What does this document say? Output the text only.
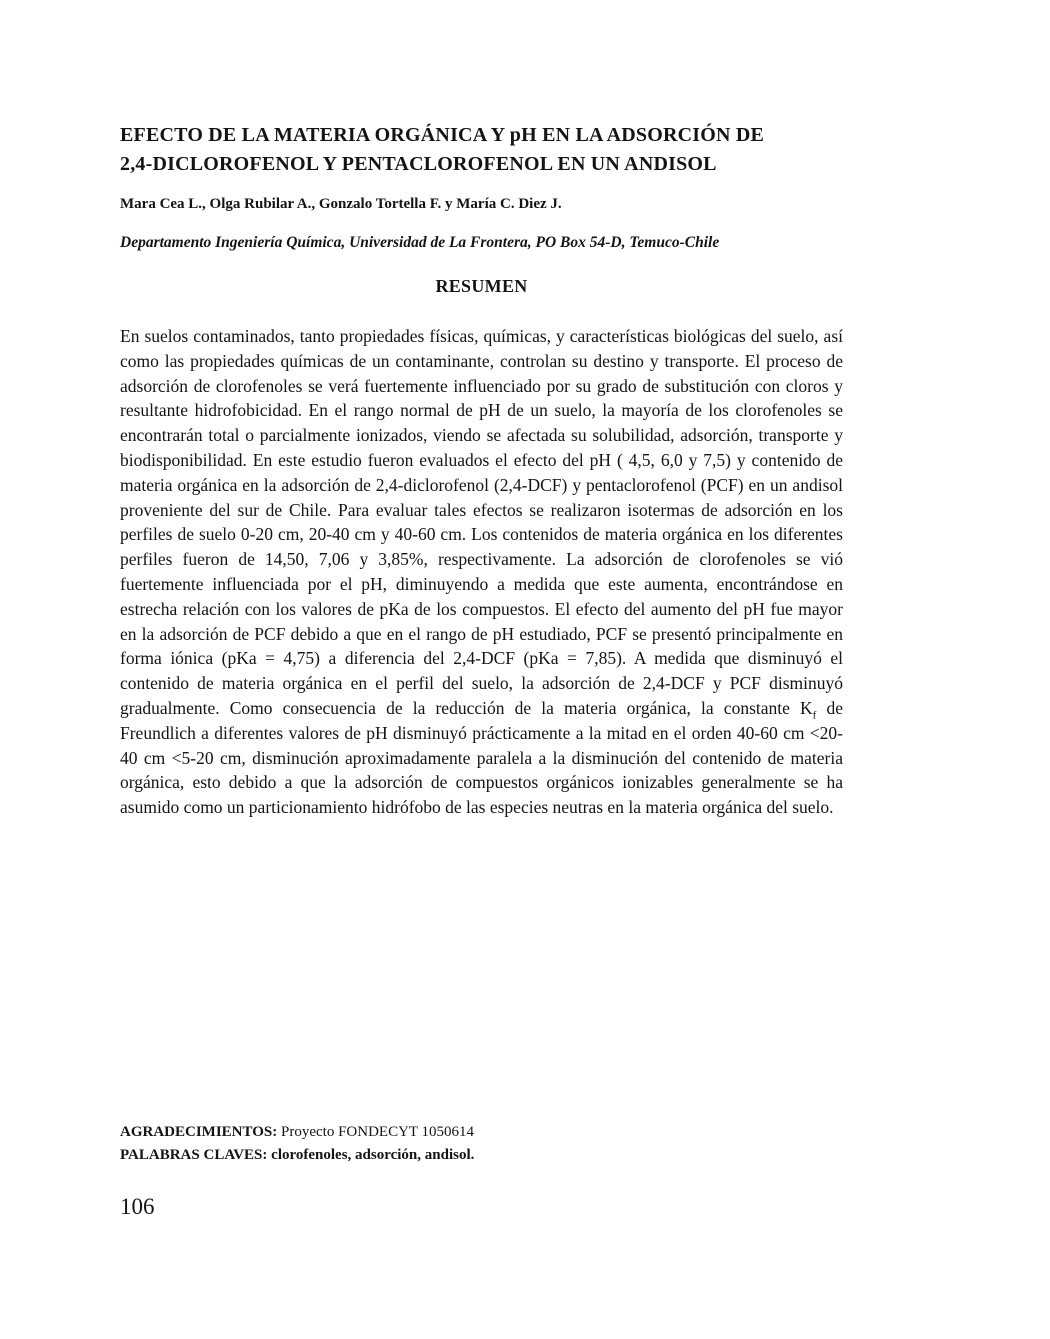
EFECTO DE LA MATERIA ORGÁNICA Y pH EN LA ADSORCIÓN DE
2,4-DICLOROFENOL Y PENTACLOROFENOL EN UN ANDISOL
Mara Cea L., Olga Rubilar A., Gonzalo Tortella F. y María C. Diez J.
Departamento Ingeniería Química, Universidad de La Frontera, PO Box 54-D, Temuco-Chile
RESUMEN
En suelos contaminados, tanto propiedades físicas, químicas, y características biológicas del suelo, así como las propiedades químicas de un contaminante, controlan su destino y transporte. El proceso de adsorción de clorofenoles se verá fuertemente influenciado por su grado de substitución con cloros y resultante hidrofobicidad. En el rango normal de pH de un suelo, la mayoría de los clorofenoles se encontrarán total o parcialmente ionizados, viendo se afectada su solubilidad, adsorción, transporte y biodisponibilidad. En este estudio fueron evaluados el efecto del pH ( 4,5, 6,0 y 7,5) y contenido de materia orgánica en la adsorción de 2,4-diclorofenol (2,4-DCF) y pentaclorofenol (PCF) en un andisol proveniente del sur de Chile. Para evaluar tales efectos se realizaron isotermas de adsorción en los perfiles de suelo 0-20 cm, 20-40 cm y 40-60 cm. Los contenidos de materia orgánica en los diferentes perfiles fueron de 14,50, 7,06 y 3,85%, respectivamente. La adsorción de clorofenoles se vió fuertemente influenciada por el pH, diminuyendo a medida que este aumenta, encontrándose en estrecha relación con los valores de pKa de los compuestos. El efecto del aumento del pH fue mayor en la adsorción de PCF debido a que en el rango de pH estudiado, PCF se presentó principalmente en forma iónica (pKa = 4,75) a diferencia del 2,4-DCF (pKa = 7,85). A medida que disminuyó el contenido de materia orgánica en el perfil del suelo, la adsorción de 2,4-DCF y PCF disminuyó gradualmente. Como consecuencia de la reducción de la materia orgánica, la constante $K_f$ de Freundlich a diferentes valores de pH disminuyó prácticamente a la mitad en el orden 40-60 cm <20-40 cm <5-20 cm, disminución aproximadamente paralela a la disminución del contenido de materia orgánica, esto debido a que la adsorción de compuestos orgánicos ionizables generalmente se ha asumido como un particionamiento hidrófobo de las especies neutras en la materia orgánica del suelo.
AGRADECIMIENTOS: Proyecto FONDECYT 1050614
PALABRAS CLAVES: clorofenoles, adsorción, andisol.
106
